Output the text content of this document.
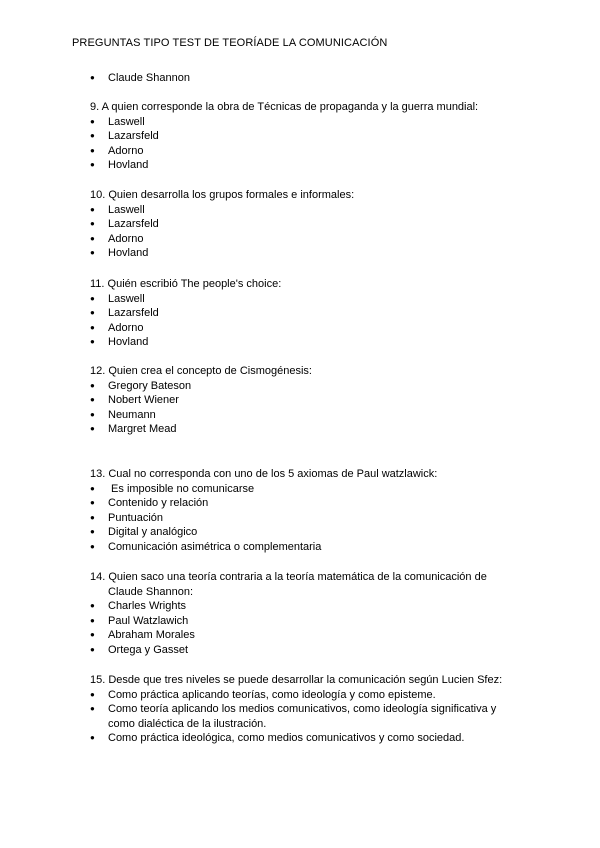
PREGUNTAS TIPO TEST DE TEORÍADE LA COMUNICACIÓN
● Claude Shannon

9. A quien corresponde la obra de Técnicas de propaganda y la guerra mundial:

● Laswell
● Lazarsfeld
● Adorno
● Hovland

10. Quien desarrolla los grupos formales e informales:

● Laswell
● Lazarsfeld
● Adorno
● Hovland

11. Quién escribió The people's choice:

● Laswell
● Lazarsfeld
● Adorno
● Hovland

12. Quien crea el concepto de Cismogénesis:

● Gregory Bateson
● Nobert Wiener
● Neumann
● Margret Mead

13. Cual no corresponda con uno de los 5 axiomas de Paul watzlawick:

●  Es imposible no comunicarse
● Contenido y relación
● Puntuación
● Digital y analógico
● Comunicación asimétrica o complementaria

14. Quien saco una teoría contraria a la teoría matemática de la comunicación de Claude Shannon:

● Charles Wrights
● Paul Watzlawich
● Abraham Morales
● Ortega y Gasset

15. Desde que tres niveles se puede desarrollar la comunicación según Lucien Sfez:

● Como práctica aplicando teorías, como ideología y como episteme.
● Como teoría aplicando los medios comunicativos, como ideología significativa y como dialéctica de la ilustración.
● Como práctica ideológica, como medios comunicativos y como sociedad.
